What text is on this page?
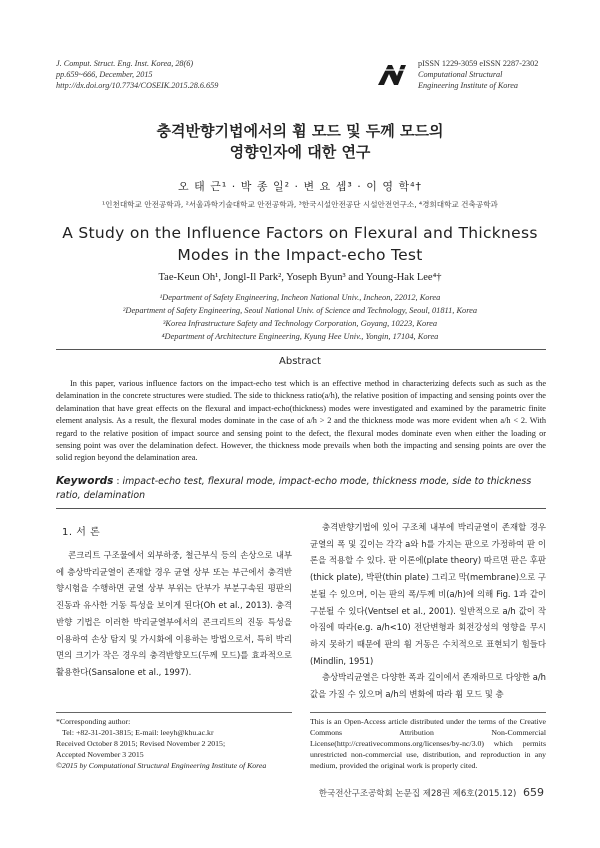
J. Comput. Struct. Eng. Inst. Korea, 28(6)
pp.659~666, December, 2015
http://dx.doi.org/10.7734/COSEIK.2015.28.6.659
pISSN 1229-3059 eISSN 2287-2302
Computational Structural
Engineering Institute of Korea
충격반향기법에서의 휨 모드 및 두께 모드의
영향인자에 대한 연구
오 태 근¹ · 박 종 일² · 변 요 셉³ · 이 영 학⁴†
¹인천대학교 안전공학과, ²서울과학기술대학교 안전공학과, ³한국시설안전공단 시설안전연구소, ⁴경희대학교 건축공학과
A Study on the Influence Factors on Flexural and Thickness
Modes in the Impact-echo Test
Tae-Keun Oh¹, Jongl-Il Park², Yoseph Byun³ and Young-Hak Lee⁴†
¹Department of Safety Engineering, Incheon National Univ., Incheon, 22012, Korea
²Department of Safety Engineering, Seoul National Univ. of Science and Technology, Seoul, 01811, Korea
³Korea Infrastructure Safety and Technology Corporation, Goyang, 10223, Korea
⁴Department of Architecture Engineering, Kyung Hee Univ., Yongin, 17104, Korea
Abstract
In this paper, various influence factors on the impact-echo test which is an effective method in characterizing defects such as such as the delamination in the concrete structures were studied. The side to thickness ratio(a/h), the relative position of impacting and sensing points over the delamination that have great effects on the flexural and impact-echo(thickness) modes were investigated and examined by the parametric finite element analysis. As a result, the flexural modes dominate in the case of a/h > 2 and the thickness mode was more evident when a/h < 2. With regard to the relative position of impact source and sensing point to the defect, the flexural modes dominate even when either the loading or sensing point was over the delamination defect. However, the thickness mode prevails when both the impacting and sensing points are over the solid region beyond the delamination area.
Keywords : impact-echo test, flexural mode, impact-echo mode, thickness mode, side to thickness ratio, delamination
1. 서 론

콘크리트 구조물에서 외부하중, 철근부식 등의 손상으로 내부에 층상박리균열이 존재할 경우 균열 상부 또는 부근에서 충격반향시험을 수행하면 균열 상부 부위는 단부가 부분구속된 평판의 진동과 유사한 거동 특성을 보이게 된다(Oh et al., 2013). 충격반향 기법은 이러한 박리균열부에서의 콘크리트의 진동 특성을 이용하여 손상 탐지 및 가시화에 이용하는 방법으로서, 특히 박리면의 크기가 작은 경우의 충격반향모드(두께 모드)를 효과적으로 활용한다(Sansalone et al., 1997).

충격반향기법에 있어 구조체 내부에 박리균열이 존재할 경우 균열의 폭 및 깊이는 각각 a와 h를 가지는 판으로 가정하여 판 이론을 적용할 수 있다. 판 이론에(plate theory) 따르면 판은 후판(thick plate), 박판(thin plate) 그리고 막(membrane)으로 구분될 수 있으며, 이는 판의 폭/두께 비(a/h)에 의해 Fig. 1과 같이 구분될 수 있다(Ventsel et al., 2001). 일반적으로 a/h 값이 작아짐에 따라(e.g. a/h<10) 전단변형과 회전강성의 영향을 무시하지 못하기 때문에 판의 휨 거동은 수치적으로 표현되기 힘들다(Mindlin, 1951)

층상박리균열은 다양한 폭과 깊이에서 존재하므로 다양한 a/h 값을 가질 수 있으며 a/h의 변화에 따라 휨 모드 및 층

*Corresponding author:
Tel: +82-31-201-3815; E-mail: leeyh@khu.ac.kr
Received October 8 2015; Revised November 2 2015;
Accepted November 3 2015
©2015 by Computational Structural Engineering Institute of Korea
This is an Open-Access article distributed under the terms of the Creative Commons Attribution Non-Commercial License(http://creativecommons.org/licenses/by-nc/3.0) which permits unrestricted non-commercial use, distribution, and reproduction in any medium, provided the original work is properly cited.
한국전산구조공학회 논문집 제28권 제6호(2015.12) 659
